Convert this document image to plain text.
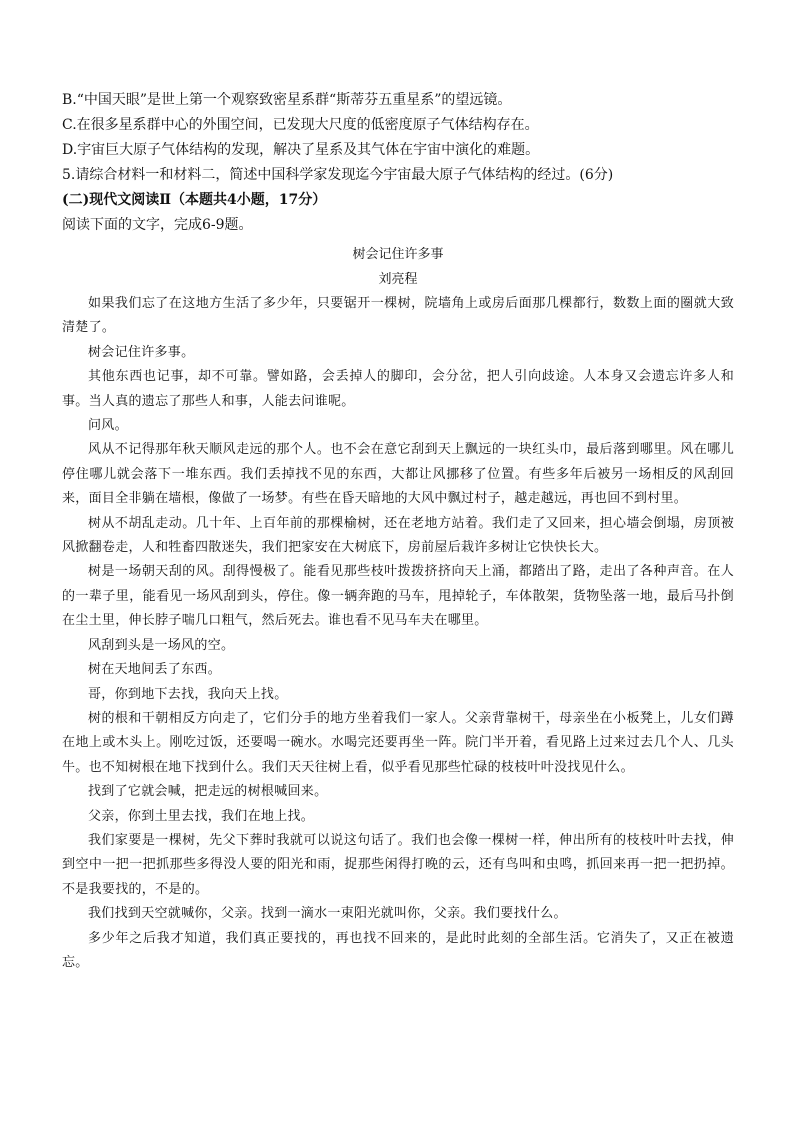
B.“中国天眼”是世上第一个观察致密星系群“斯蒂芬五重星系”的望远镜。

C.在很多星系群中心的外围空间，已发现大尺度的低密度原子气体结构存在。

D.宇宙巨大原子气体结构的发现，解决了星系及其气体在宇宙中演化的难题。

5.请综合材料一和材料二，简述中国科学家发现迄今宇宙最大原子气体结构的经过。(6分)

(二)现代文阅读Ⅱ（本题共4小题，17分）

阅读下面的文字，完成6-9题。

树会记住许多事

刘亮程

如果我们忘了在这地方生活了多少年，只要锯开一棵树，院墙角上或房后面那几棵都行，数数上面的圈就大致清楚了。

树会记住许多事。

其他东西也记事，却不可靠。譬如路，会丢掉人的脚印，会分岔，把人引向歧途。人本身又会遗忘许多人和事。当人真的遗忘了那些人和事，人能去问谁呢。

问风。

风从不记得那年秋天顺风走远的那个人。也不会在意它刮到天上飘远的一块红头巾，最后落到哪里。风在哪儿停住哪儿就会落下一堆东西。我们丢掉找不见的东西，大都让风挪移了位置。有些多年后被另一场相反的风刮回来，面目全非躺在墙根，像做了一场梦。有些在昏天暗地的大风中飘过村子，越走越远，再也回不到村里。

树从不胡乱走动。几十年、上百年前的那棵榆树，还在老地方站着。我们走了又回来，担心墙会倒塌，房顶被风掀翻卷走，人和牲畜四散迷失，我们把家安在大树底下，房前屋后栽许多树让它快快长大。

树是一场朝天刮的风。刮得慢极了。能看见那些枝叶拨拨挤挤向天上涌，都踏出了路，走出了各种声音。在人的一辈子里，能看见一场风刮到头，停住。像一辆奔跑的马车，甩掉轮子，车体散架，货物坠落一地，最后马扑倒在尘土里，伸长脖子喘几口粗气，然后死去。谁也看不见马车夫在哪里。

风刮到头是一场风的空。

树在天地间丢了东西。

哥，你到地下去找，我向天上找。

树的根和干朝相反方向走了，它们分手的地方坐着我们一家人。父亲背靠树干，母亲坐在小板凳上，儿女们蹲在地上或木头上。刚吃过饭，还要喝一碗水。水喝完还要再坐一阵。院门半开着，看见路上过来过去几个人、几头牛。也不知树根在地下找到什么。我们天天往树上看，似乎看见那些忙碌的枝枝叶叶没找见什么。

找到了它就会喊，把走远的树根喊回来。

父亲，你到土里去找，我们在地上找。

我们家要是一棵树，先父下葬时我就可以说这句话了。我们也会像一棵树一样，伸出所有的枝枝叶叶去找，伸到空中一把一把抓那些多得没人要的阳光和雨，捉那些闲得打晚的云，还有鸟叫和虫鸣，抓回来再一把一把扔掉。不是我要找的，不是的。

我们找到天空就喊你，父亲。找到一滴水一束阳光就叫你，父亲。我们要找什么。

多少年之后我才知道，我们真正要找的，再也找不回来的，是此时此刻的全部生活。它消失了，又正在被遗忘。
